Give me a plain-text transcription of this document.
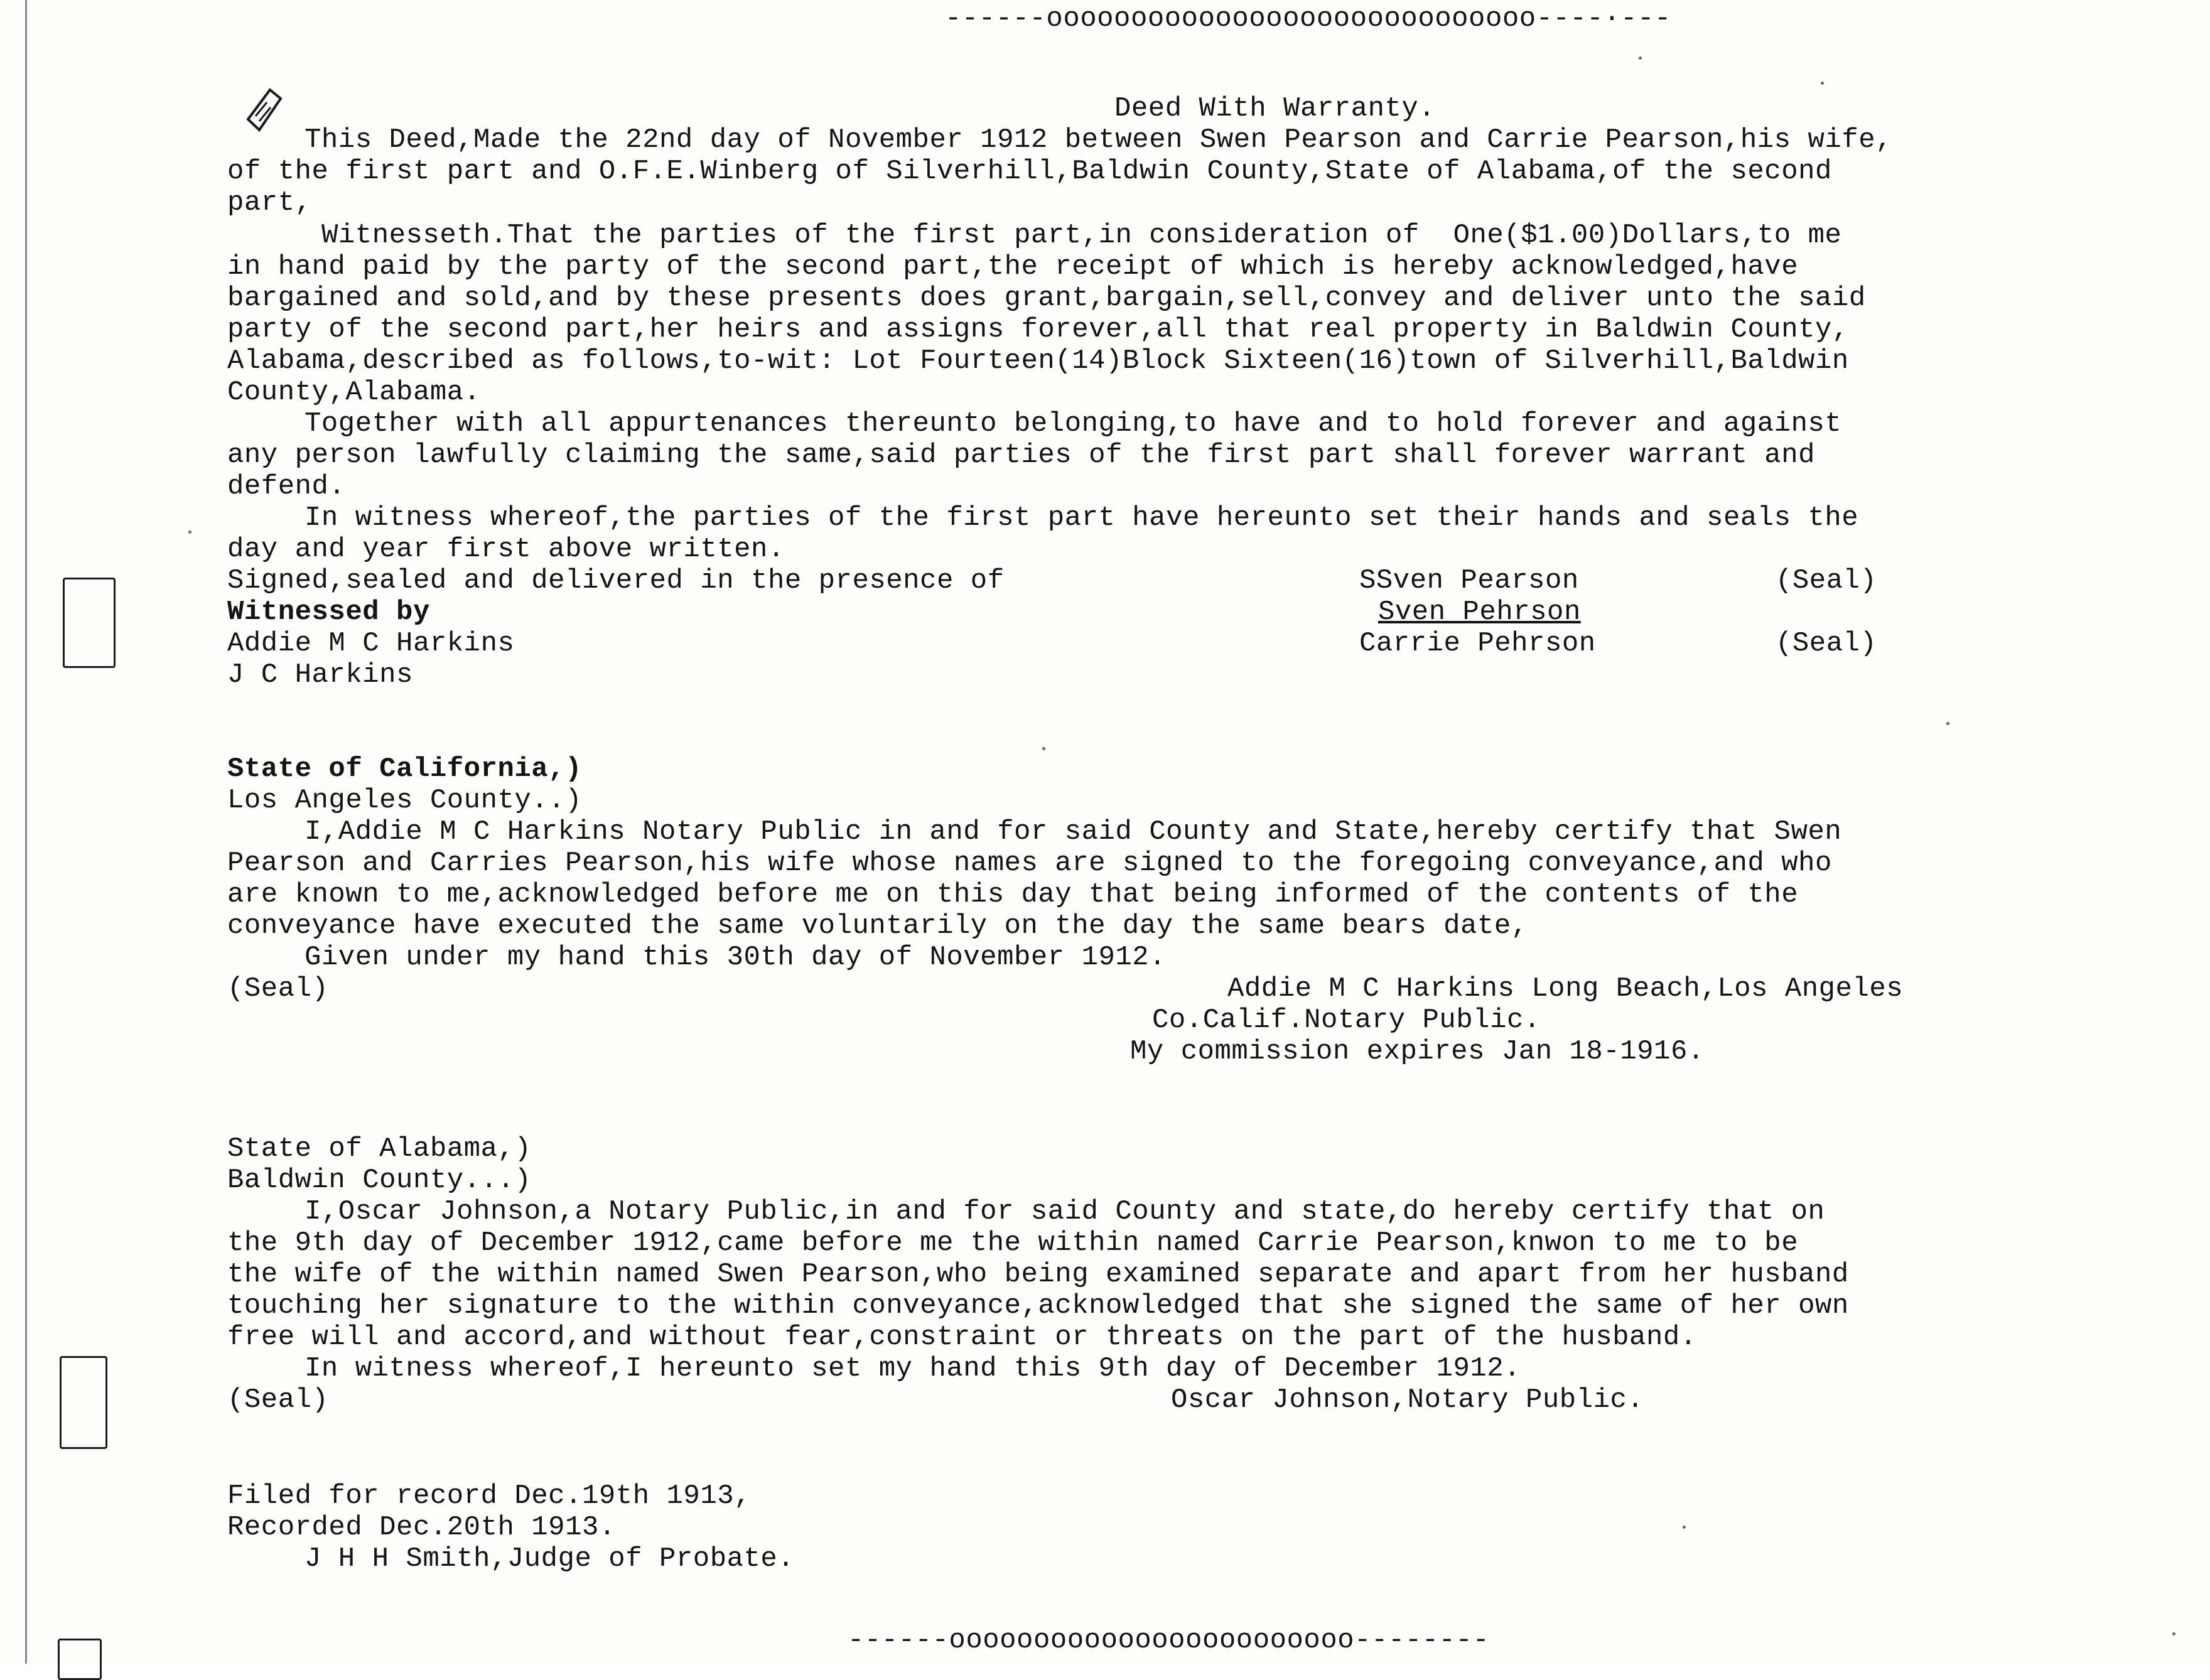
------ooooooooooooooooooooooooooooo----·---
Deed With Warranty.
This Deed,Made the 22nd day of November 1912 between Swen Pearson and Carrie Pearson,his wife,
of the first part and O.F.E.Winberg of Silverhill,Baldwin County,State of Alabama,of the second
part,
Witnesseth.That the parties of the first part,in consideration of  One($1.00)Dollars,to me
in hand paid by the party of the second part,the receipt of which is hereby acknowledged,have
bargained and sold,and by these presents does grant,bargain,sell,convey and deliver unto the said
party of the second part,her heirs and assigns forever,all that real property in Baldwin County,
Alabama,described as follows,to-wit: Lot Fourteen(14)Block Sixteen(16)town of Silverhill,Baldwin
County,Alabama.
Together with all appurtenances thereunto belonging,to have and to hold forever and against
any person lawfully claiming the same,said parties of the first part shall forever warrant and
defend.
In witness whereof,the parties of the first part have hereunto set their hands and seals the
day and year first above written.
Signed,sealed and delivered in the presence of	SSven Pearson	(Seal)
Witnessed by	Sven Pehrson
Addie M C Harkins	Carrie Pehrson	(Seal)
J C Harkins
State of California,)
Los Angeles County..)
I,Addie M C Harkins Notary Public in and for said County and State,hereby certify that Swen
Pearson and Carries Pearson,his wife whose names are signed to the foregoing conveyance,and who
are known to me,acknowledged before me on this day that being informed of the contents of the
conveyance have executed the same voluntarily on the day the same bears date,
Given under my hand this 30th day of November 1912.
(Seal)	Addie M C Harkins Long Beach,Los Angeles
Co.Calif.Notary Public.
My commission expires Jan 18-1916.
State of Alabama,)
Baldwin County...)
I,Oscar Johnson,a Notary Public,in and for said County and state,do hereby certify that on
the 9th day of December 1912,came before me the within named Carrie Pearson,knwon to me to be
the wife of the within named Swen Pearson,who being examined separate and apart from her husband
touching her signature to the within conveyance,acknowledged that she signed the same of her own
free will and accord,and without fear,constraint or threats on the part of the husband.
In witness whereof,I hereunto set my hand this 9th day of December 1912.
(Seal)	Oscar Johnson,Notary Public.
Filed for record Dec.19th 1913,
Recorded Dec.20th 1913.
J H H Smith,Judge of Probate.
------oooooooooooooooooooooooo--------
